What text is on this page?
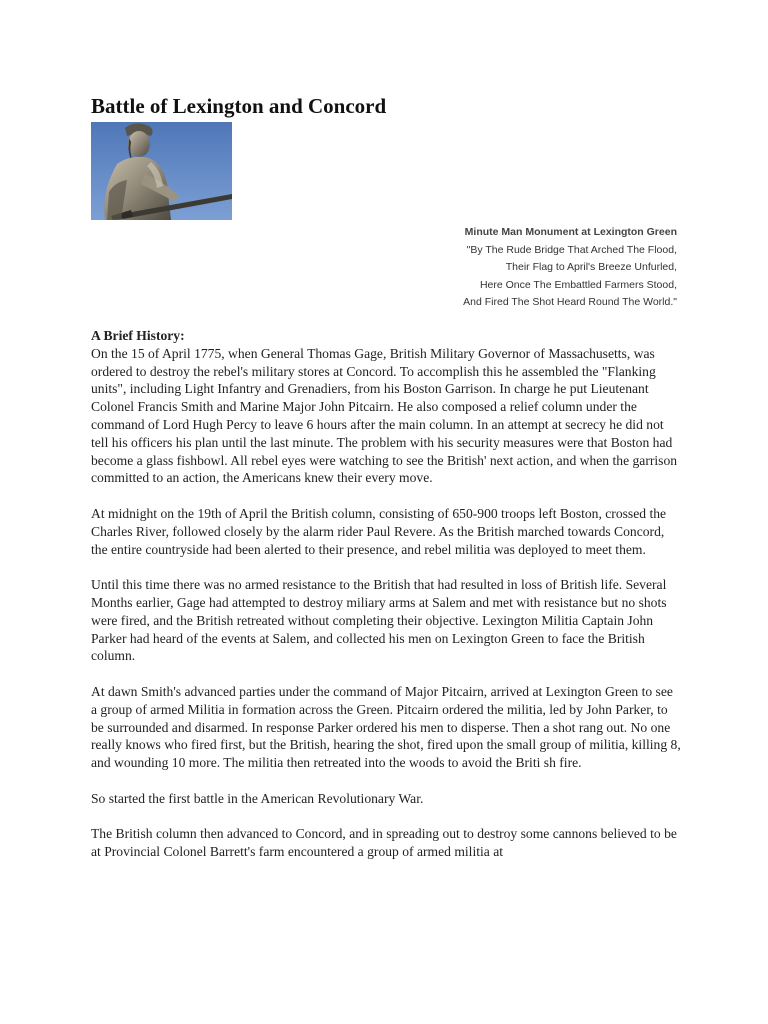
Battle of Lexington and Concord
Minute Man Monument at Lexington Green
"By The Rude Bridge That Arched The Flood,
Their Flag to April's Breeze Unfurled,
Here Once The Embattled Farmers Stood,
And Fired The Shot Heard Round The World."
A Brief History:

On the 15 of April 1775, when General Thomas Gage, British Military Governor of Massachusetts, was ordered to destroy the rebel's military stores at Concord. To accomplish this he assembled the "Flanking units", including Light Infantry and Grenadiers, from his Boston Garrison. In charge he put Lieutenant Colonel Francis Smith and Marine Major John Pitcairn. He also composed a relief column under the command of Lord Hugh Percy to leave 6 hours after the main column. In an attempt at secrecy he did not tell his officers his plan until the last minute. The problem with his security measures were that Boston had become a glass fishbowl. All rebel eyes were watching to see the British' next action, and when the garrison committed to an action, the Americans knew their every move.

At midnight on the 19th of April the British column, consisting of 650-900 troops left Boston, crossed the Charles River, followed closely by the alarm rider Paul Revere. As the British marched towards Concord, the entire countryside had been alerted to their presence, and rebel militia was deployed to meet them.

Until this time there was no armed resistance to the British that had resulted in loss of British life. Several Months earlier, Gage had attempted to destroy miliary arms at Salem and met with resistance but no shots were fired, and the British retreated without completing their objective. Lexington Militia Captain John Parker had heard of the events at Salem, and collected his men on Lexington Green to face the British column.

At dawn Smith's advanced parties under the command of Major Pitcairn, arrived at Lexington Green to see a group of armed Militia in formation across the Green. Pitcairn ordered the militia, led by John Parker, to be surrounded and disarmed. In response Parker ordered his men to disperse. Then a shot rang out. No one really knows who fired first, but the British, hearing the shot, fired upon the small group of militia, killing 8, and wounding 10 more. The militia then retreated into the woods to avoid the Briti sh fire.

So started the first battle in the American Revolutionary War.

The British column then advanced to Concord, and in spreading out to destroy some cannons believed to be at Provincial Colonel Barrett's farm encountered a group of armed militia at
